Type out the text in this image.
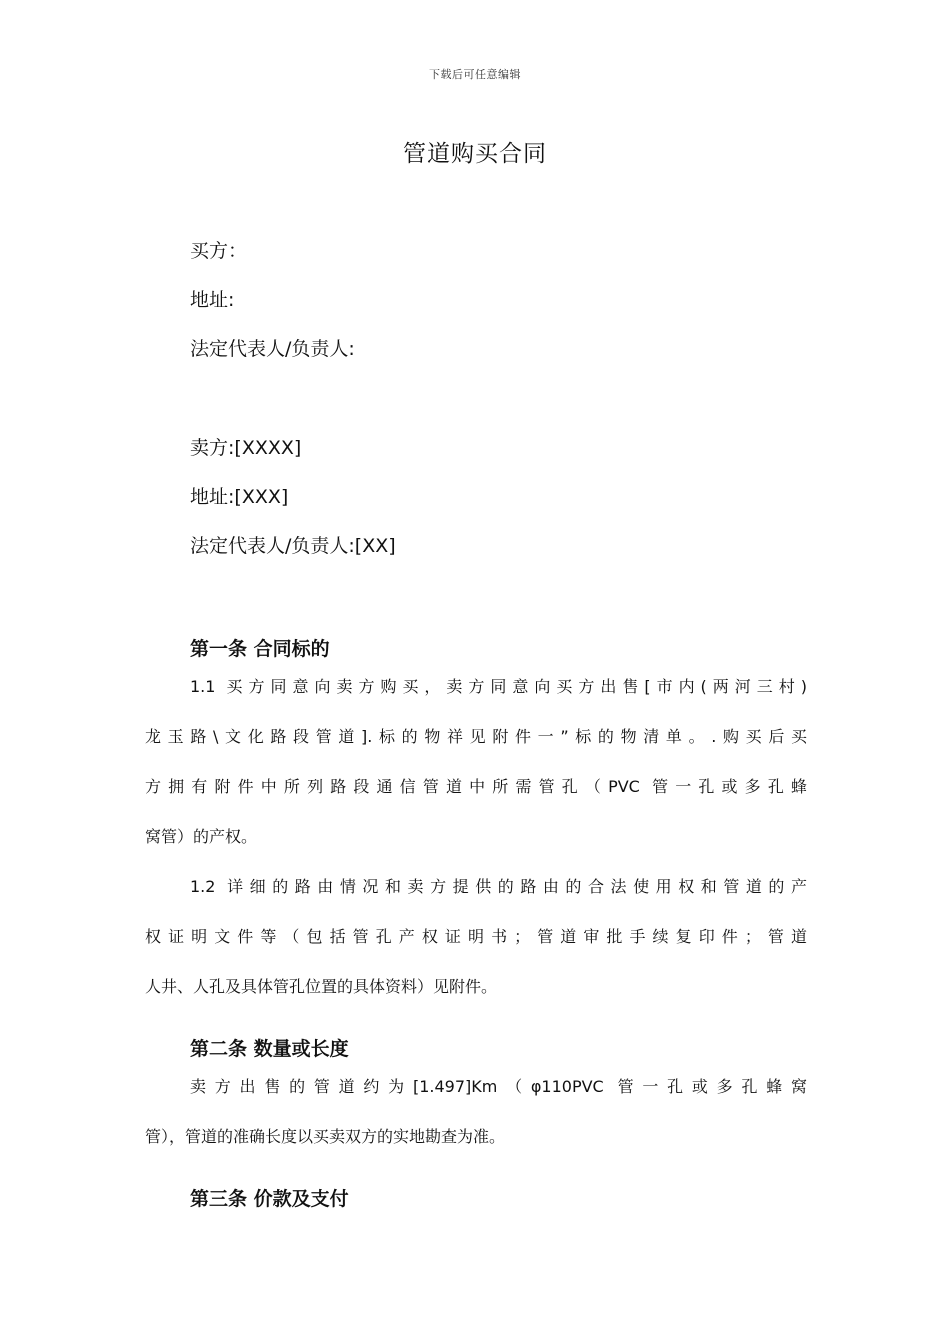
下载后可任意编辑
管道购买合同
买方：
地址:
法定代表人/负责人:
卖方:[XXXX]
地址:[XXX]
法定代表人/负责人:[XX]
第一条 合同标的
1.1 买方同意向卖方购买，卖方同意向买方出售[市内(两河三村)
龙玉路\文化路段管道].标的物祥见附件一”标的物清单。.购买后买
方拥有附件中所列路段通信管道中所需管孔（PVC 管一孔或多孔蜂
窝管）的产权。
1.2 详细的路由情况和卖方提供的路由的合法使用权和管道的产
权证明文件等（包括管孔产权证明书；管道审批手续复印件；管道
人井、人孔及具体管孔位置的具体资料）见附件。
第二条 数量或长度
卖方出售的管道约为[1.497]Km（φ110PVC 管一孔或多孔蜂窝
管），管道的准确长度以买卖双方的实地勘查为准。
第三条 价款及支付
